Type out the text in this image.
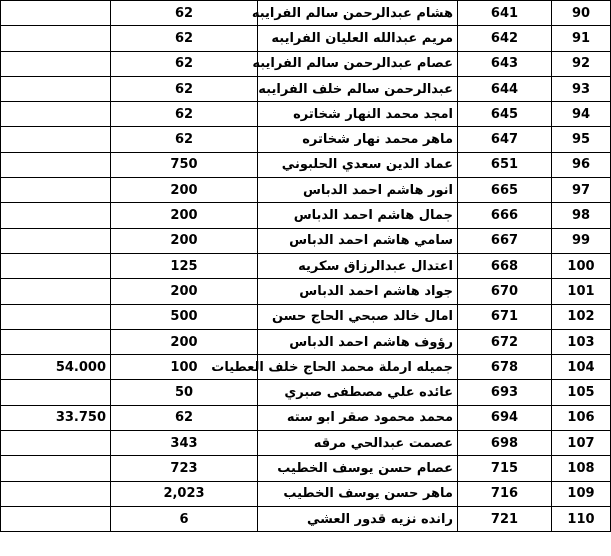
90	641	هشام عبدالرحمن سالم الفرايبه	62	
91	642	مريم عبدالله العليان الفرايبه	62	
92	643	عصام عبدالرحمن سالم الفرايبه	62	
93	644	عبدالرحمن سالم خلف الفرايبه	62	
94	645	امجد محمد النهار شخاتره	62	
95	647	ماهر محمد نهار شخاتره	62	
96	651	عماد الدين سعدي الحلبوني	750	
97	665	انور هاشم احمد الدباس	200	
98	666	جمال هاشم احمد الدباس	200	
99	667	سامي هاشم احمد الدباس	200	
100	668	اعتدال عبدالرزاق سكريه	125	
101	670	جواد هاشم احمد الدباس	200	
102	671	امال خالد صبحي الحاج حسن	500	
103	672	رؤوف هاشم احمد الدباس	200	
104	678	جميله ارملة محمد الحاج خلف العطيات	100	54.000
105	693	عائده علي مصطفى صبري	50	
106	694	محمد محمود صقر ابو سته	62	33.750
107	698	عصمت عبدالحي مرقه	343	
108	715	عصام حسن يوسف الخطيب	723	
109	716	ماهر حسن يوسف الخطيب	2,023	
110	721	رانده نزيه قدور العشي	6	
